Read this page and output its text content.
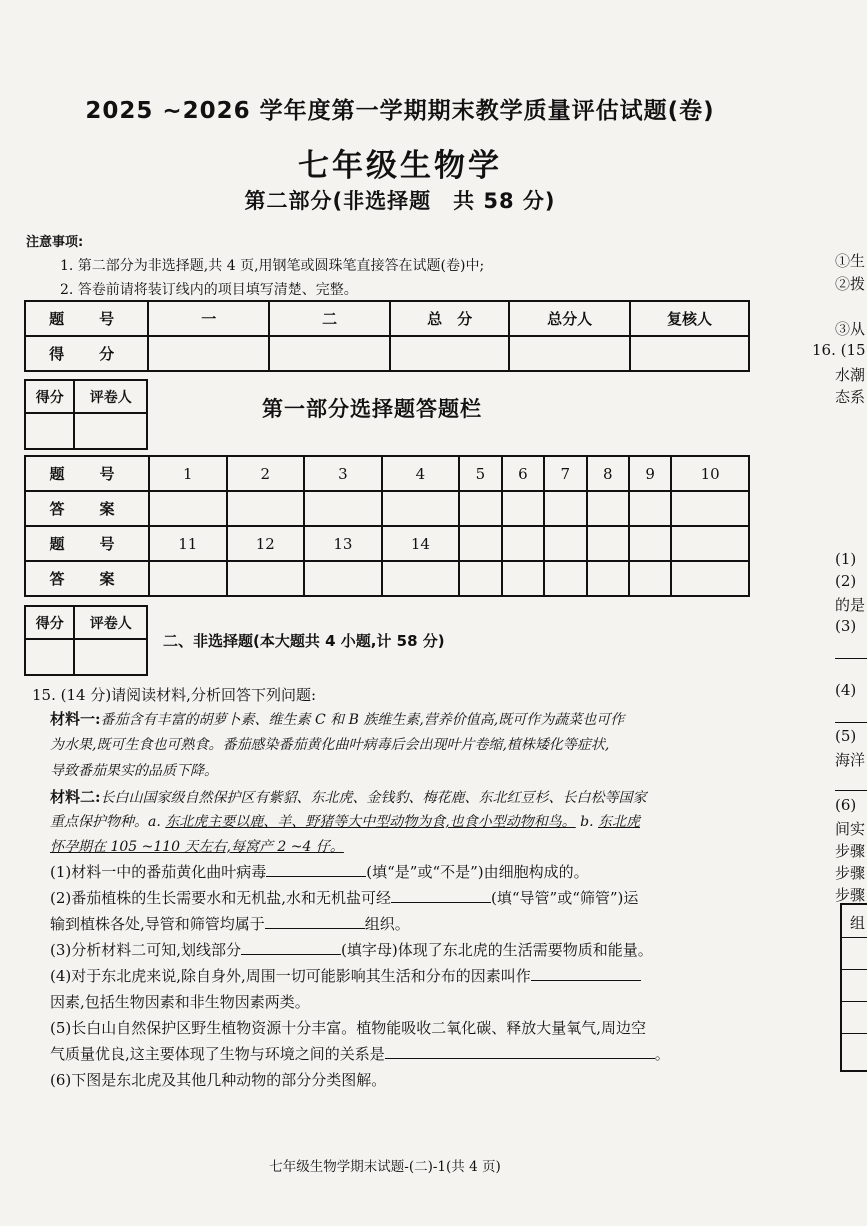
2025 ~2026 学年度第一学期期末教学质量评估试题(卷)
七年级生物学
第二部分(非选择题　共 58 分)
注意事项:
1. 第二部分为非选择题,共 4 页,用钢笔或圆珠笔直接答在试题(卷)中;
2. 答卷前请将装订线内的项目填写清楚、完整。
题　号	一	二	总　分	总分人	复核人
得　分					
得分	评卷人
		第一部分选择题答题栏
题　号	1	2	3	4	5	6	7	8	9	10
答　案										
题　号	11	12	13	14						
答　案										
得分	评卷人

二、非选择题(本大题共 4 小题,计 58 分)
15. (14 分)请阅读材料,分析回答下列问题:
材料一:番茄含有丰富的胡萝卜素、维生素 C 和 B 族维生素,营养价值高,既可作为蔬菜也可作
为水果,既可生食也可熟食。番茄感染番茄黄化曲叶病毒后会出现叶片卷缩,植株矮化等症状,
导致番茄果实的品质下降。
材料二:长白山国家级自然保护区有紫貂、东北虎、金钱豹、梅花鹿、东北红豆杉、长白松等国家
重点保护物种。a. 东北虎主要以鹿、羊、野猪等大中型动物为食,也食小型动物和鸟。 b. 东北虎
怀孕期在 105 ~110 天左右,每窝产 2 ~4 仔。
(1)材料一中的番茄黄化曲叶病毒	(填“是”或“不是”)由细胞构成的。
(2)番茄植株的生长需要水和无机盐,水和无机盐可经	(填“导管”或“筛管”)运
输到植株各处,导管和筛管均属于	组织。
(3)分析材料二可知,划线部分	(填字母)体现了东北虎的生活需要物质和能量。
(4)对于东北虎来说,除自身外,周围一切可能影响其生活和分布的因素叫作
因素,包括生物因素和非生物因素两类。
(5)长白山自然保护区野生植物资源十分丰富。植物能吸收二氧化碳、释放大量氧气,周边空
气质量优良,这主要体现了生物与环境之间的关系是	。
(6)下图是东北虎及其他几种动物的部分分类图解。
七年级生物学期末试题-(二)-1(共 4 页)
①生
②拨
③从
16. (15
水潮
态系
(1)
(2)
的是
(3)
(4)
(5)
海洋
(6)
间实
步骤
步骤
步骤
组
